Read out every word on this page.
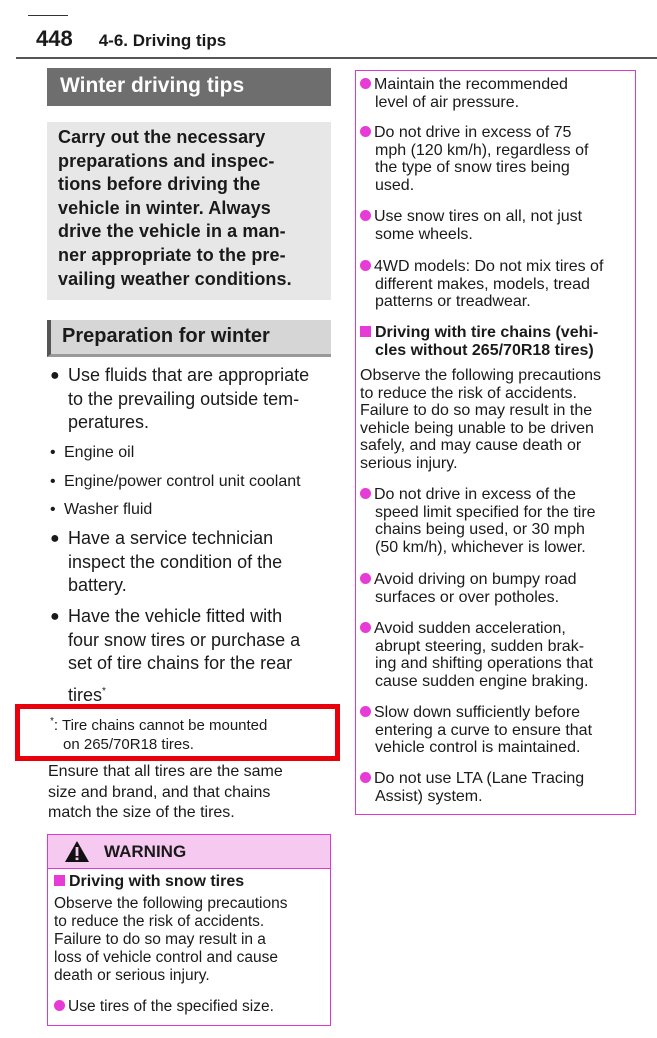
448 4-6. Driving tips
Winter driving tips
Carry out the necessary
preparations and inspec-
tions before driving the
vehicle in winter. Always
drive the vehicle in a man-
ner appropriate to the pre-
vailing weather conditions.
Preparation for winter
● Use fluids that are appropriate
to the prevailing outside tem-
peratures.
• Engine oil
• Engine/power control unit coolant
• Washer fluid
● Have a service technician
inspect the condition of the
battery.
● Have the vehicle fitted with
four snow tires or purchase a
set of tire chains for the rear
tires*
*: Tire chains cannot be mounted
on 265/70R18 tires.
Ensure that all tires are the same
size and brand, and that chains
match the size of the tires.
WARNING
Driving with snow tires
Observe the following precautions
to reduce the risk of accidents.
Failure to do so may result in a
loss of vehicle control and cause
death or serious injury.
Use tires of the specified size.
Maintain the recommended
level of air pressure.
Do not drive in excess of 75
mph (120 km/h), regardless of
the type of snow tires being
used.
Use snow tires on all, not just
some wheels.
4WD models: Do not mix tires of
different makes, models, tread
patterns or treadwear.
Driving with tire chains (vehi-
cles without 265/70R18 tires)
Observe the following precautions
to reduce the risk of accidents.
Failure to do so may result in the
vehicle being unable to be driven
safely, and may cause death or
serious injury.
Do not drive in excess of the
speed limit specified for the tire
chains being used, or 30 mph
(50 km/h), whichever is lower.
Avoid driving on bumpy road
surfaces or over potholes.
Avoid sudden acceleration,
abrupt steering, sudden brak-
ing and shifting operations that
cause sudden engine braking.
Slow down sufficiently before
entering a curve to ensure that
vehicle control is maintained.
Do not use LTA (Lane Tracing
Assist) system.
